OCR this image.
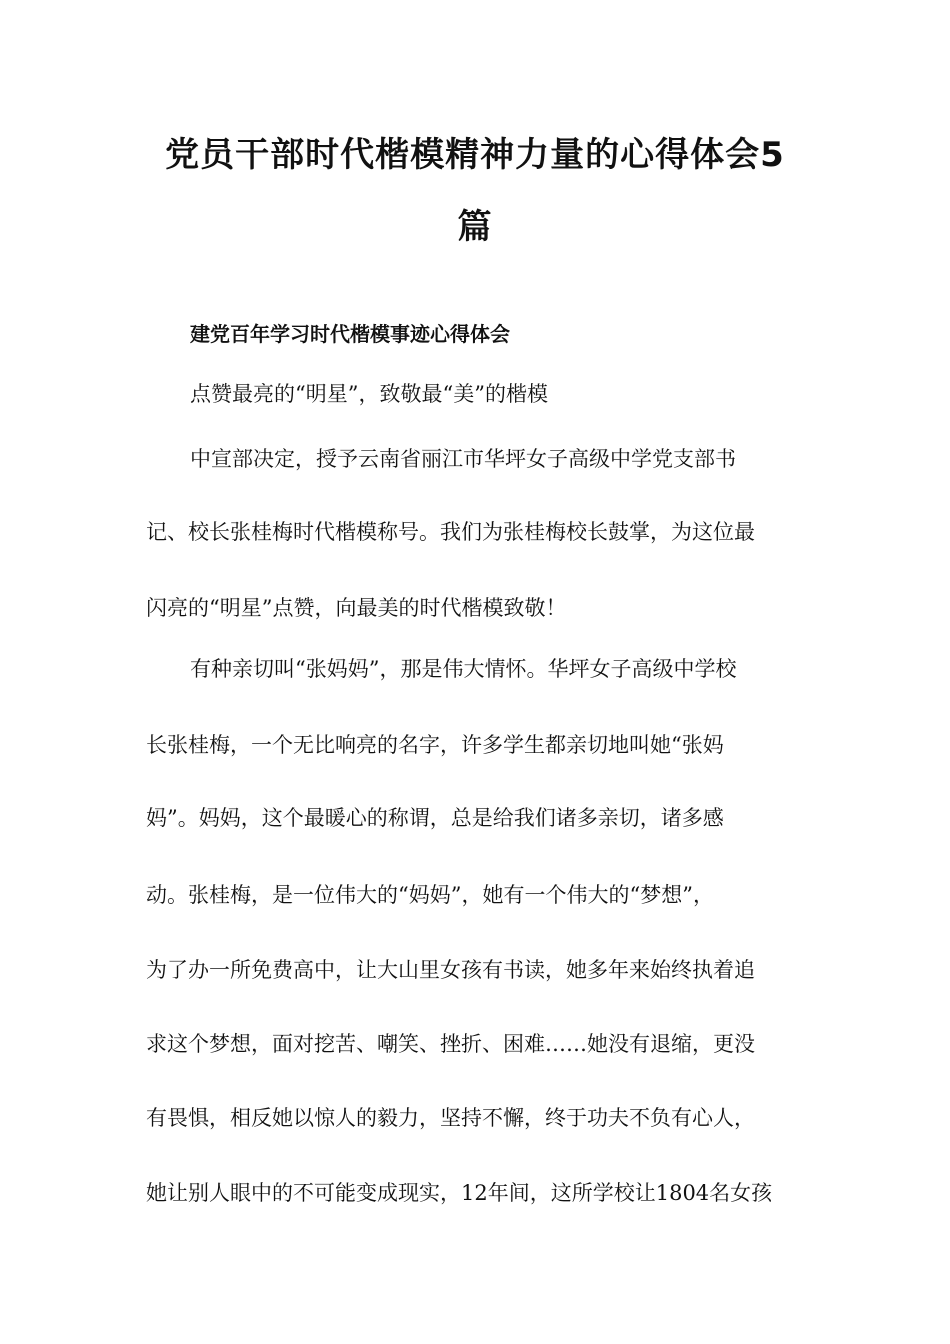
党员干部时代楷模精神力量的心得体会5
篇
建党百年学习时代楷模事迹心得体会
点赞最亮的“明星”，致敬最“美”的楷模
中宣部决定，授予云南省丽江市华坪女子高级中学党支部书
记、校长张桂梅时代楷模称号。我们为张桂梅校长鼓掌，为这位最
闪亮的“明星”点赞，向最美的时代楷模致敬！
有种亲切叫“张妈妈”，那是伟大情怀。华坪女子高级中学校
长张桂梅，一个无比响亮的名字，许多学生都亲切地叫她“张妈
妈”。妈妈，这个最暖心的称谓，总是给我们诸多亲切，诸多感
动。张桂梅，是一位伟大的“妈妈”，她有一个伟大的“梦想”，
为了办一所免费高中，让大山里女孩有书读，她多年来始终执着追
求这个梦想，面对挖苦、嘲笑、挫折、困难……她没有退缩，更没
有畏惧，相反她以惊人的毅力，坚持不懈，终于功夫不负有心人，
她让别人眼中的不可能变成现实，12年间，这所学校让1804名女孩
